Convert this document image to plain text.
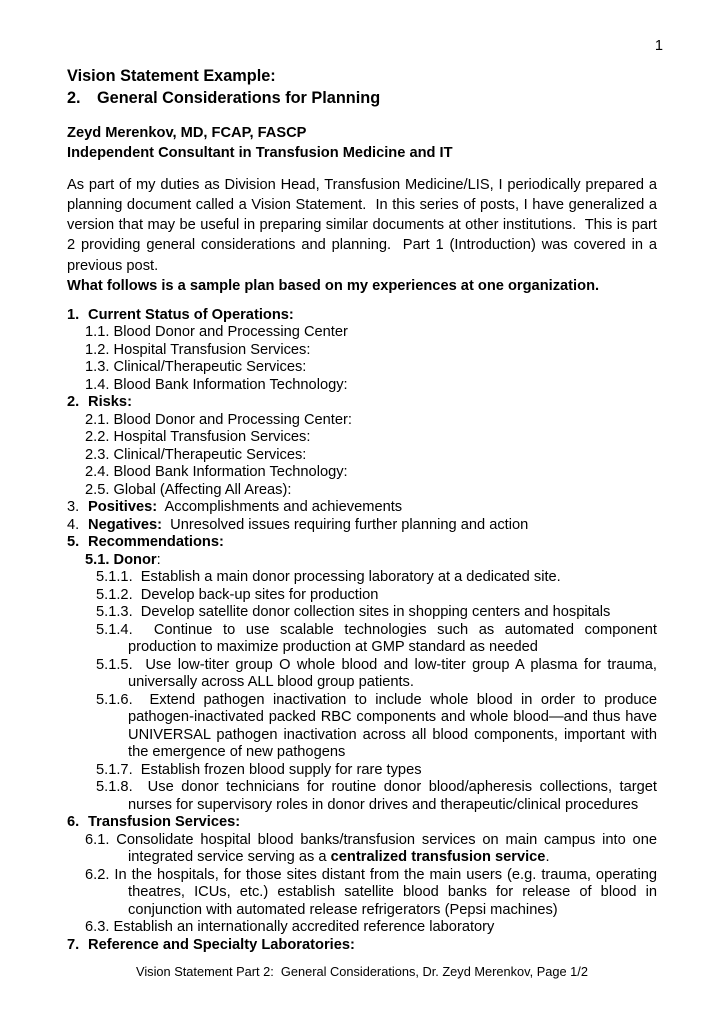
1
Vision Statement Example:
2. General Considerations for Planning
Zeyd Merenkov, MD, FCAP, FASCP
Independent Consultant in Transfusion Medicine and IT
As part of my duties as Division Head, Transfusion Medicine/LIS, I periodically prepared a planning document called a Vision Statement.  In this series of posts, I have generalized a version that may be useful in preparing similar documents at other institutions.  This is part 2 providing general considerations and planning.  Part 1 (Introduction) was covered in a previous post.
What follows is a sample plan based on my experiences at one organization.
1. Current Status of Operations:
1.1. Blood Donor and Processing Center
1.2. Hospital Transfusion Services:
1.3. Clinical/Therapeutic Services:
1.4. Blood Bank Information Technology:
2. Risks:
2.1. Blood Donor and Processing Center:
2.2. Hospital Transfusion Services:
2.3. Clinical/Therapeutic Services:
2.4. Blood Bank Information Technology:
2.5. Global (Affecting All Areas):
3. Positives:  Accomplishments and achievements
4. Negatives:  Unresolved issues requiring further planning and action
5. Recommendations:
5.1. Donor:
5.1.1. Establish a main donor processing laboratory at a dedicated site.
5.1.2. Develop back-up sites for production
5.1.3. Develop satellite donor collection sites in shopping centers and hospitals
5.1.4. Continue to use scalable technologies such as automated component production to maximize production at GMP standard as needed
5.1.5. Use low-titer group O whole blood and low-titer group A plasma for trauma, universally across ALL blood group patients.
5.1.6. Extend pathogen inactivation to include whole blood in order to produce pathogen-inactivated packed RBC components and whole blood—and thus have UNIVERSAL pathogen inactivation across all blood components, important with the emergence of new pathogens
5.1.7. Establish frozen blood supply for rare types
5.1.8. Use donor technicians for routine donor blood/apheresis collections, target nurses for supervisory roles in donor drives and therapeutic/clinical procedures
6. Transfusion Services:
6.1. Consolidate hospital blood banks/transfusion services on main campus into one integrated service serving as a centralized transfusion service.
6.2. In the hospitals, for those sites distant from the main users (e.g. trauma, operating theatres, ICUs, etc.) establish satellite blood banks for release of blood in conjunction with automated release refrigerators (Pepsi machines)
6.3. Establish an internationally accredited reference laboratory
7. Reference and Specialty Laboratories:
Vision Statement Part 2:  General Considerations, Dr. Zeyd Merenkov, Page 1/2
